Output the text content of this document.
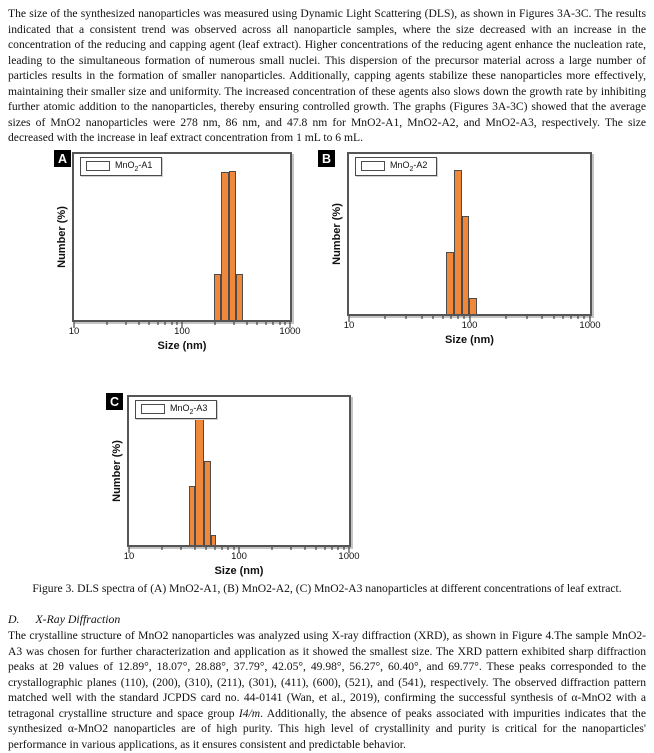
The size of the synthesized nanoparticles was measured using Dynamic Light Scattering (DLS), as shown in Figures 3A-3C. The results indicated that a consistent trend was observed across all nanoparticle samples, where the size decreased with an increase in the concentration of the reducing and capping agent (leaf extract). Higher concentrations of the reducing agent enhance the nucleation rate, leading to the simultaneous formation of numerous small nuclei. This dispersion of the precursor material across a large number of particles results in the formation of smaller nanoparticles. Additionally, capping agents stabilize these nanoparticles more effectively, maintaining their smaller size and uniformity. The increased concentration of these agents also slows down the growth rate by inhibiting further atomic addition to the nanoparticles, thereby ensuring controlled growth. The graphs (Figures 3A-3C) showed that the average sizes of MnO2 nanoparticles were 278 nm, 86 nm, and 47.8 nm for MnO2-A1, MnO2-A2, and MnO2-A3, respectively. The size decreased with the increase in leaf extract concentration from 1 mL to 6 mL.
A
Number (%)
MnO$_2$-A1
10	100	1000
Size (nm)
B
Number (%)
MnO$_2$-A2
10	100	1000
Size (nm)
C
Number (%)
MnO$_2$-A3
10	100	1000
Size (nm)
Figure 3. DLS spectra of (A) MnO2-A1, (B) MnO2-A2, (C) MnO2-A3 nanoparticles at different concentrations of leaf extract.
D. X-Ray Diffraction
The crystalline structure of MnO2 nanoparticles was analyzed using X-ray diffraction (XRD), as shown in Figure 4.The sample MnO2-A3 was chosen for further characterization and application as it showed the smallest size. The XRD pattern exhibited sharp diffraction peaks at 2θ values of 12.89°, 18.07°, 28.88°, 37.79°, 42.05°, 49.98°, 56.27°, 60.40°, and 69.77°. These peaks corresponded to the crystallographic planes (110), (200), (310), (211), (301), (411), (600), (521), and (541), respectively. The observed diffraction pattern matched well with the standard JCPDS card no. 44-0141 (Wan, et al., 2019), confirming the successful synthesis of α-MnO2 with a tetragonal crystalline structure and space group I4/m. Additionally, the absence of peaks associated with impurities indicates that the synthesized α-MnO2 nanoparticles are of high purity. This high level of crystallinity and purity is critical for the nanoparticles' performance in various applications, as it ensures consistent and predictable behavior.
